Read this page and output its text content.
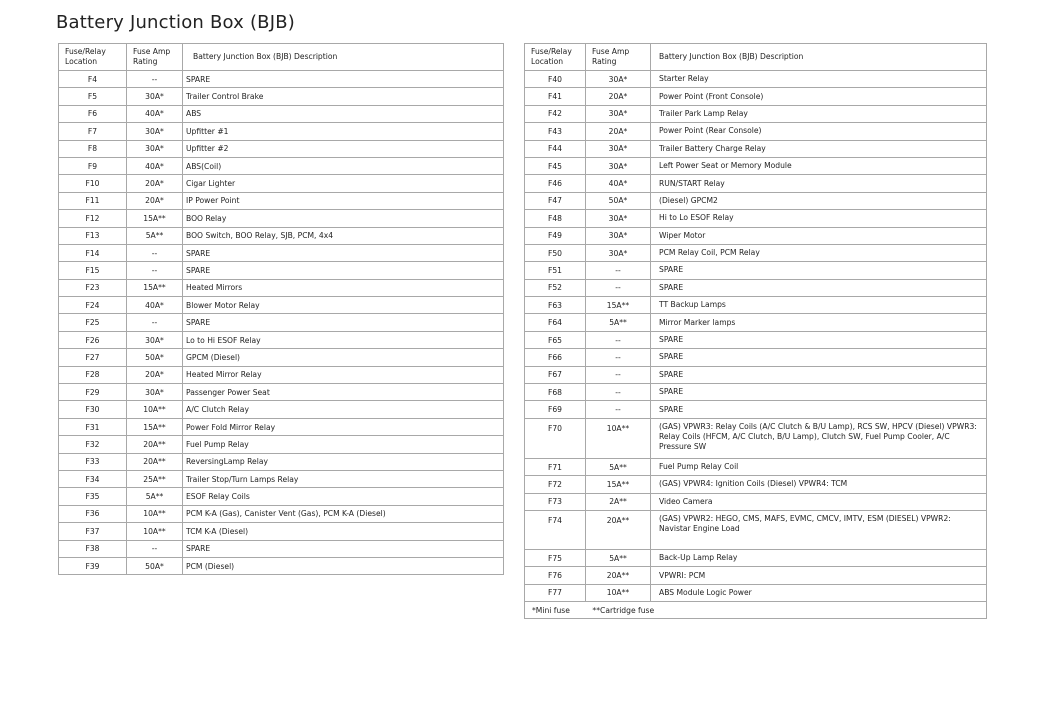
Battery Junction Box (BJB)
Fuse/Relay Location	Fuse Amp Rating	Battery Junction Box (BJB) Description
F4	--	SPARE
F5	30A*	Trailer Control Brake
F6	40A*	ABS
F7	30A*	Upfitter #1
F8	30A*	Upfitter #2
F9	40A*	ABS(Coil)
F10	20A*	Cigar Lighter
F11	20A*	IP Power Point
F12	15A**	BOO Relay
F13	5A**	BOO Switch, BOO Relay, SJB, PCM, 4x4
F14	--	SPARE
F15	--	SPARE
F23	15A**	Heated Mirrors
F24	40A*	Blower Motor Relay
F25	--	SPARE
F26	30A*	Lo to Hi ESOF Relay
F27	50A*	GPCM (Diesel)
F28	20A*	Heated Mirror Relay
F29	30A*	Passenger Power Seat
F30	10A**	A/C Clutch Relay
F31	15A**	Power Fold Mirror Relay
F32	20A**	Fuel Pump Relay
F33	20A**	ReversingLamp Relay
F34	25A**	Trailer Stop/Turn Lamps Relay
F35	5A**	ESOF Relay Coils
F36	10A**	PCM K-A (Gas), Canister Vent (Gas), PCM K-A (Diesel)
F37	10A**	TCM K-A (Diesel)
F38	--	SPARE
F39	50A*	PCM (Diesel)
Fuse/Relay Location	Fuse Amp Rating	Battery Junction Box (BJB) Description
F40	30A*	Starter Relay
F41	20A*	Power Point (Front Console)
F42	30A*	Trailer Park Lamp Relay
F43	20A*	Power Point (Rear Console)
F44	30A*	Trailer Battery Charge Relay
F45	30A*	Left Power Seat or Memory Module
F46	40A*	RUN/START Relay
F47	50A*	(Diesel) GPCM2
F48	30A*	Hi to Lo ESOF Relay
F49	30A*	Wiper Motor
F50	30A*	PCM Relay Coil, PCM Relay
F51	--	SPARE
F52	--	SPARE
F63	15A**	TT Backup Lamps
F64	5A**	Mirror Marker lamps
F65	--	SPARE
F66	--	SPARE
F67	--	SPARE
F68	--	SPARE
F69	--	SPARE
F70	10A**	(GAS) VPWR3: Relay Coils (A/C Clutch & B/U Lamp), RCS SW, HPCV (Diesel) VPWR3: Relay Coils (HFCM, A/C Clutch, B/U Lamp), Clutch SW, Fuel Pump Cooler, A/C Pressure SW
F71	5A**	Fuel Pump Relay Coil
F72	15A**	(GAS) VPWR4: Ignition Coils (Diesel) VPWR4: TCM
F73	2A**	Video Camera
F74	20A**	(GAS) VPWR2: HEGO, CMS, MAFS, EVMC, CMCV, IMTV, ESM (DIESEL) VPWR2: Navistar Engine Load
F75	5A**	Back-Up Lamp Relay
F76	20A**	VPWRI: PCM
F77	10A**	ABS Module Logic Power
*Mini fuse **Cartridge fuse		
